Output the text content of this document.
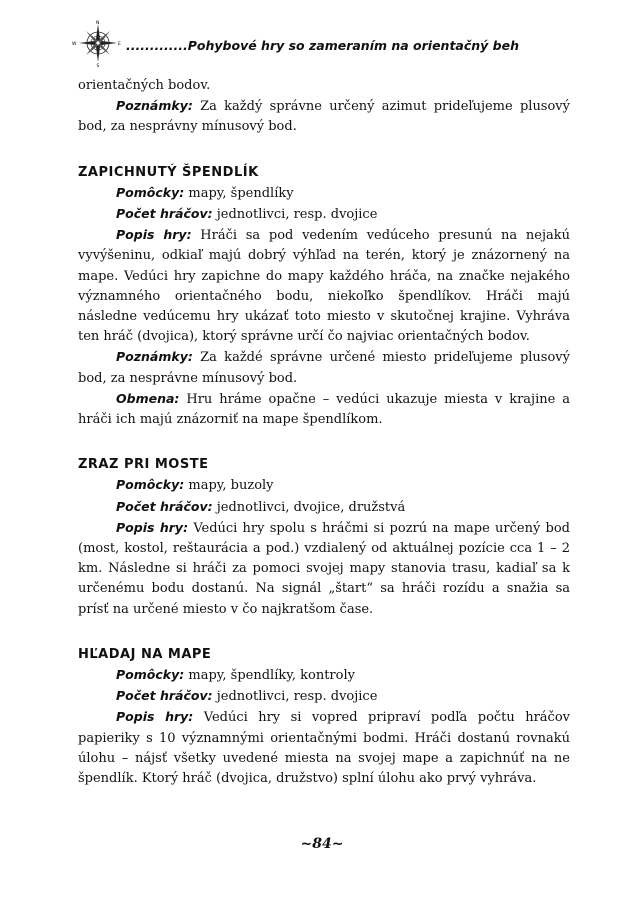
N
W	E
S
.............Pohybové hry so zameraním na orientačný beh

orientačných bodov.

Poznámky: Za každý správne určený azimut prideľujeme plusový bod, za nesprávny mínusový bod.

ZAPICHNUTÝ ŠPENDLÍK

Pomôcky: mapy, špendlíky

Počet hráčov: jednotlivci, resp. dvojice

Popis hry: Hráči sa pod vedením vedúceho presunú na nejakú vyvýšeninu, odkiaľ majú dobrý výhľad na terén, ktorý je znázornený na mape. Vedúci hry zapichne do mapy každého hráča, na značke nejakého významného orientačného bodu, niekoľko špendlíkov. Hráči majú následne vedúcemu hry ukázať toto miesto v skutočnej krajine. Vyhráva ten hráč (dvojica), ktorý správne určí čo najviac orientačných bodov.

Poznámky: Za každé správne určené miesto prideľujeme plusový bod, za nesprávne mínusový bod.

Obmena: Hru hráme opačne – vedúci ukazuje miesta v krajine a hráči ich majú znázorniť na mape špendlíkom.

ZRAZ PRI MOSTE

Pomôcky: mapy, buzoly

Počet hráčov: jednotlivci, dvojice, družstvá

Popis hry: Vedúci hry spolu s hráčmi si pozrú na mape určený bod (most, kostol, reštaurácia a pod.) vzdialený od aktuálnej pozície cca 1 – 2 km. Následne si hráči za pomoci svojej mapy stanovia trasu, kadiaľ sa k určenému bodu dostanú. Na signál „štart“ sa hráči rozídu a snažia sa prísť na určené miesto v čo najkratšom čase.

HĽADAJ NA MAPE

Pomôcky: mapy, špendlíky, kontroly

Počet hráčov: jednotlivci, resp. dvojice

Popis hry: Vedúci hry si vopred pripraví podľa počtu hráčov papieriky s 10 významnými orientačnými bodmi. Hráči dostanú rovnakú úlohu – nájsť všetky uvedené miesta na svojej mape a zapichnúť na ne špendlík. Ktorý hráč (dvojica, družstvo) splní úlohu ako prvý vyhráva.

~84~
